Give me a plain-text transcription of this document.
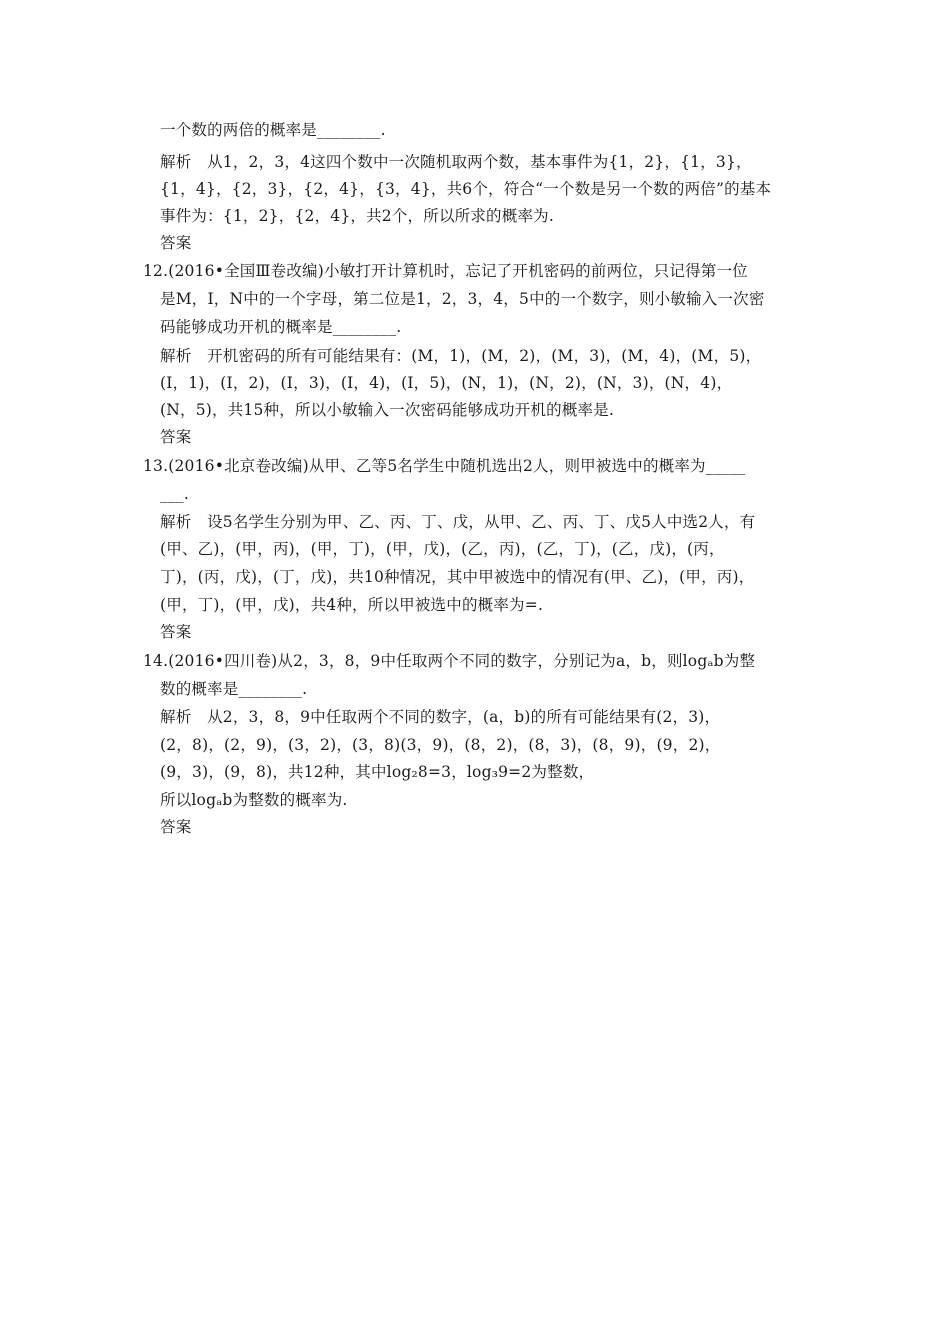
一个数的两倍的概率是________.
解析　从1，2，3，4这四个数中一次随机取两个数，基本事件为{1，2}，{1，3}，
{1，4}，{2，3}，{2，4}，{3，4}，共6个，符合“一个数是另一个数的两倍”的基本
事件为：{1，2}，{2，4}，共2个，所以所求的概率为.
答案
12.(2016•全国Ⅲ卷改编)小敏打开计算机时，忘记了开机密码的前两位，只记得第一位
是M，I，N中的一个字母，第二位是1，2，3，4，5中的一个数字，则小敏输入一次密
码能够成功开机的概率是________.
解析　开机密码的所有可能结果有：(M，1)，(M，2)，(M，3)，(M，4)，(M，5)，
(I，1)，(I，2)，(I，3)，(I，4)，(I，5)，(N，1)，(N，2)，(N，3)，(N，4)，
(N，5)，共15种，所以小敏输入一次密码能够成功开机的概率是.
答案
13.(2016•北京卷改编)从甲、乙等5名学生中随机选出2人，则甲被选中的概率为_____
___.
解析　设5名学生分别为甲、乙、丙、丁、戊，从甲、乙、丙、丁、戊5人中选2人，有
(甲、乙)，(甲，丙)，(甲，丁)，(甲，戊)，(乙，丙)，(乙，丁)，(乙，戊)，(丙，
丁)，(丙，戊)，(丁，戊)，共10种情况，其中甲被选中的情况有(甲、乙)，(甲，丙)，
(甲，丁)，(甲，戊)，共4种，所以甲被选中的概率为=.
答案
14.(2016•四川卷)从2，3，8，9中任取两个不同的数字，分别记为a，b，则logₐb为整
数的概率是________.
解析　从2，3，8，9中任取两个不同的数字，(a，b)的所有可能结果有(2，3)，
(2，8)，(2，9)，(3，2)，(3，8)(3，9)，(8，2)，(8，3)，(8，9)，(9，2)，
(9，3)，(9，8)，共12种，其中log₂8=3，log₃9=2为整数，
所以logₐb为整数的概率为.
答案
